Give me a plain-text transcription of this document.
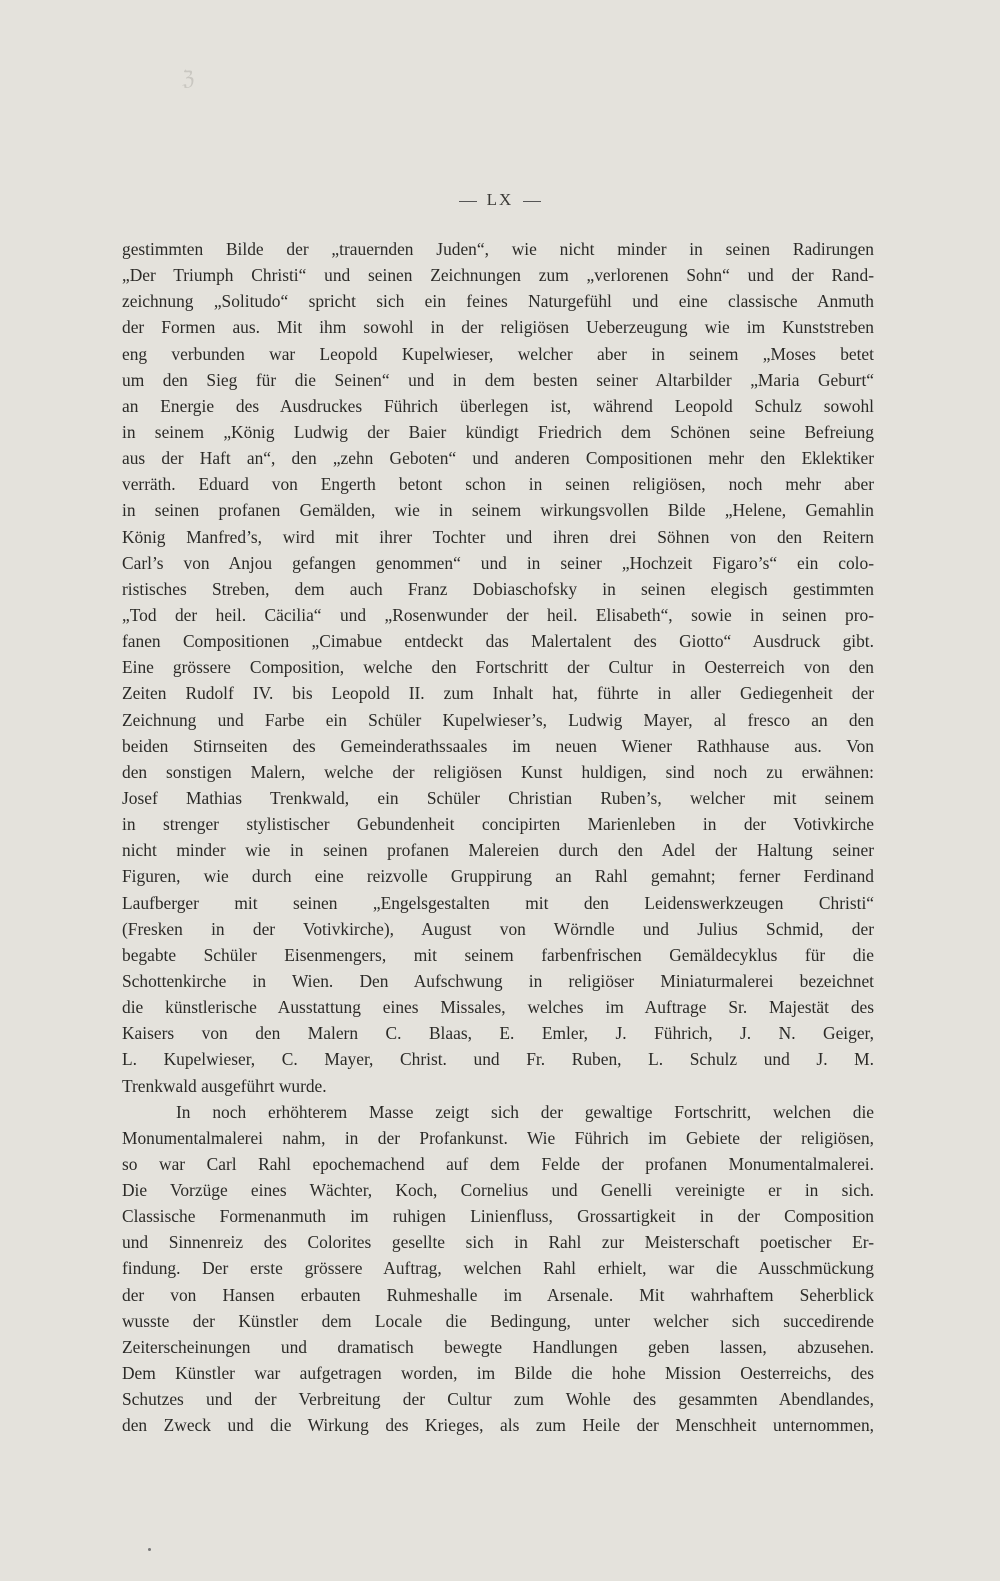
ℨ
LX
gestimmten Bilde der „trauernden Juden“, wie nicht minder in seinen Radirungen
„Der Triumph Christi“ und seinen Zeichnungen zum „verlorenen Sohn“ und der Rand-
zeichnung „Solitudo“ spricht sich ein feines Naturgefühl und eine classische Anmuth
der Formen aus. Mit ihm sowohl in der religiösen Ueberzeugung wie im Kunststreben
eng verbunden war Leopold Kupelwieser, welcher aber in seinem „Moses betet
um den Sieg für die Seinen“ und in dem besten seiner Altarbilder „Maria Geburt“
an Energie des Ausdruckes Führich überlegen ist, während Leopold Schulz sowohl
in seinem „König Ludwig der Baier kündigt Friedrich dem Schönen seine Befreiung
aus der Haft an“, den „zehn Geboten“ und anderen Compositionen mehr den Eklektiker
verräth. Eduard von Engerth betont schon in seinen religiösen, noch mehr aber
in seinen profanen Gemälden, wie in seinem wirkungsvollen Bilde „Helene, Gemahlin
König Manfred’s, wird mit ihrer Tochter und ihren drei Söhnen von den Reitern
Carl’s von Anjou gefangen genommen“ und in seiner „Hochzeit Figaro’s“ ein colo-
ristisches Streben, dem auch Franz Dobiaschofsky in seinen elegisch gestimmten
„Tod der heil. Cäcilia“ und „Rosenwunder der heil. Elisabeth“, sowie in seinen pro-
fanen Compositionen „Cimabue entdeckt das Malertalent des Giotto“ Ausdruck gibt.
Eine grössere Composition, welche den Fortschritt der Cultur in Oesterreich von den
Zeiten Rudolf IV. bis Leopold II. zum Inhalt hat, führte in aller Gediegenheit der
Zeichnung und Farbe ein Schüler Kupelwieser’s, Ludwig Mayer, al fresco an den
beiden Stirnseiten des Gemeinderathssaales im neuen Wiener Rathhause aus. Von
den sonstigen Malern, welche der religiösen Kunst huldigen, sind noch zu erwähnen:
Josef Mathias Trenkwald, ein Schüler Christian Ruben’s, welcher mit seinem
in strenger stylistischer Gebundenheit concipirten Marienleben in der Votivkirche
nicht minder wie in seinen profanen Malereien durch den Adel der Haltung seiner
Figuren, wie durch eine reizvolle Gruppirung an Rahl gemahnt; ferner Ferdinand
Laufberger mit seinen „Engelsgestalten mit den Leidenswerkzeugen Christi“
(Fresken in der Votivkirche), August von Wörndle und Julius Schmid, der
begabte Schüler Eisenmengers, mit seinem farbenfrischen Gemäldecyklus für die
Schottenkirche in Wien. Den Aufschwung in religiöser Miniaturmalerei bezeichnet
die künstlerische Ausstattung eines Missales, welches im Auftrage Sr. Majestät des
Kaisers von den Malern C. Blaas, E. Emler, J. Führich, J. N. Geiger,
L. Kupelwieser, C. Mayer, Christ. und Fr. Ruben, L. Schulz und J. M.
Trenkwald ausgeführt wurde.
In noch erhöhterem Masse zeigt sich der gewaltige Fortschritt, welchen die
Monumentalmalerei nahm, in der Profankunst. Wie Führich im Gebiete der religiösen,
so war Carl Rahl epochemachend auf dem Felde der profanen Monumentalmalerei.
Die Vorzüge eines Wächter, Koch, Cornelius und Genelli vereinigte er in sich.
Classische Formenanmuth im ruhigen Linienfluss, Grossartigkeit in der Composition
und Sinnenreiz des Colorites gesellte sich in Rahl zur Meisterschaft poetischer Er-
findung. Der erste grössere Auftrag, welchen Rahl erhielt, war die Ausschmückung
der von Hansen erbauten Ruhmeshalle im Arsenale. Mit wahrhaftem Seherblick
wusste der Künstler dem Locale die Bedingung, unter welcher sich succedirende
Zeiterscheinungen und dramatisch bewegte Handlungen geben lassen, abzusehen.
Dem Künstler war aufgetragen worden, im Bilde die hohe Mission Oesterreichs, des
Schutzes und der Verbreitung der Cultur zum Wohle des gesammten Abendlandes,
den Zweck und die Wirkung des Krieges, als zum Heile der Menschheit unternommen,
